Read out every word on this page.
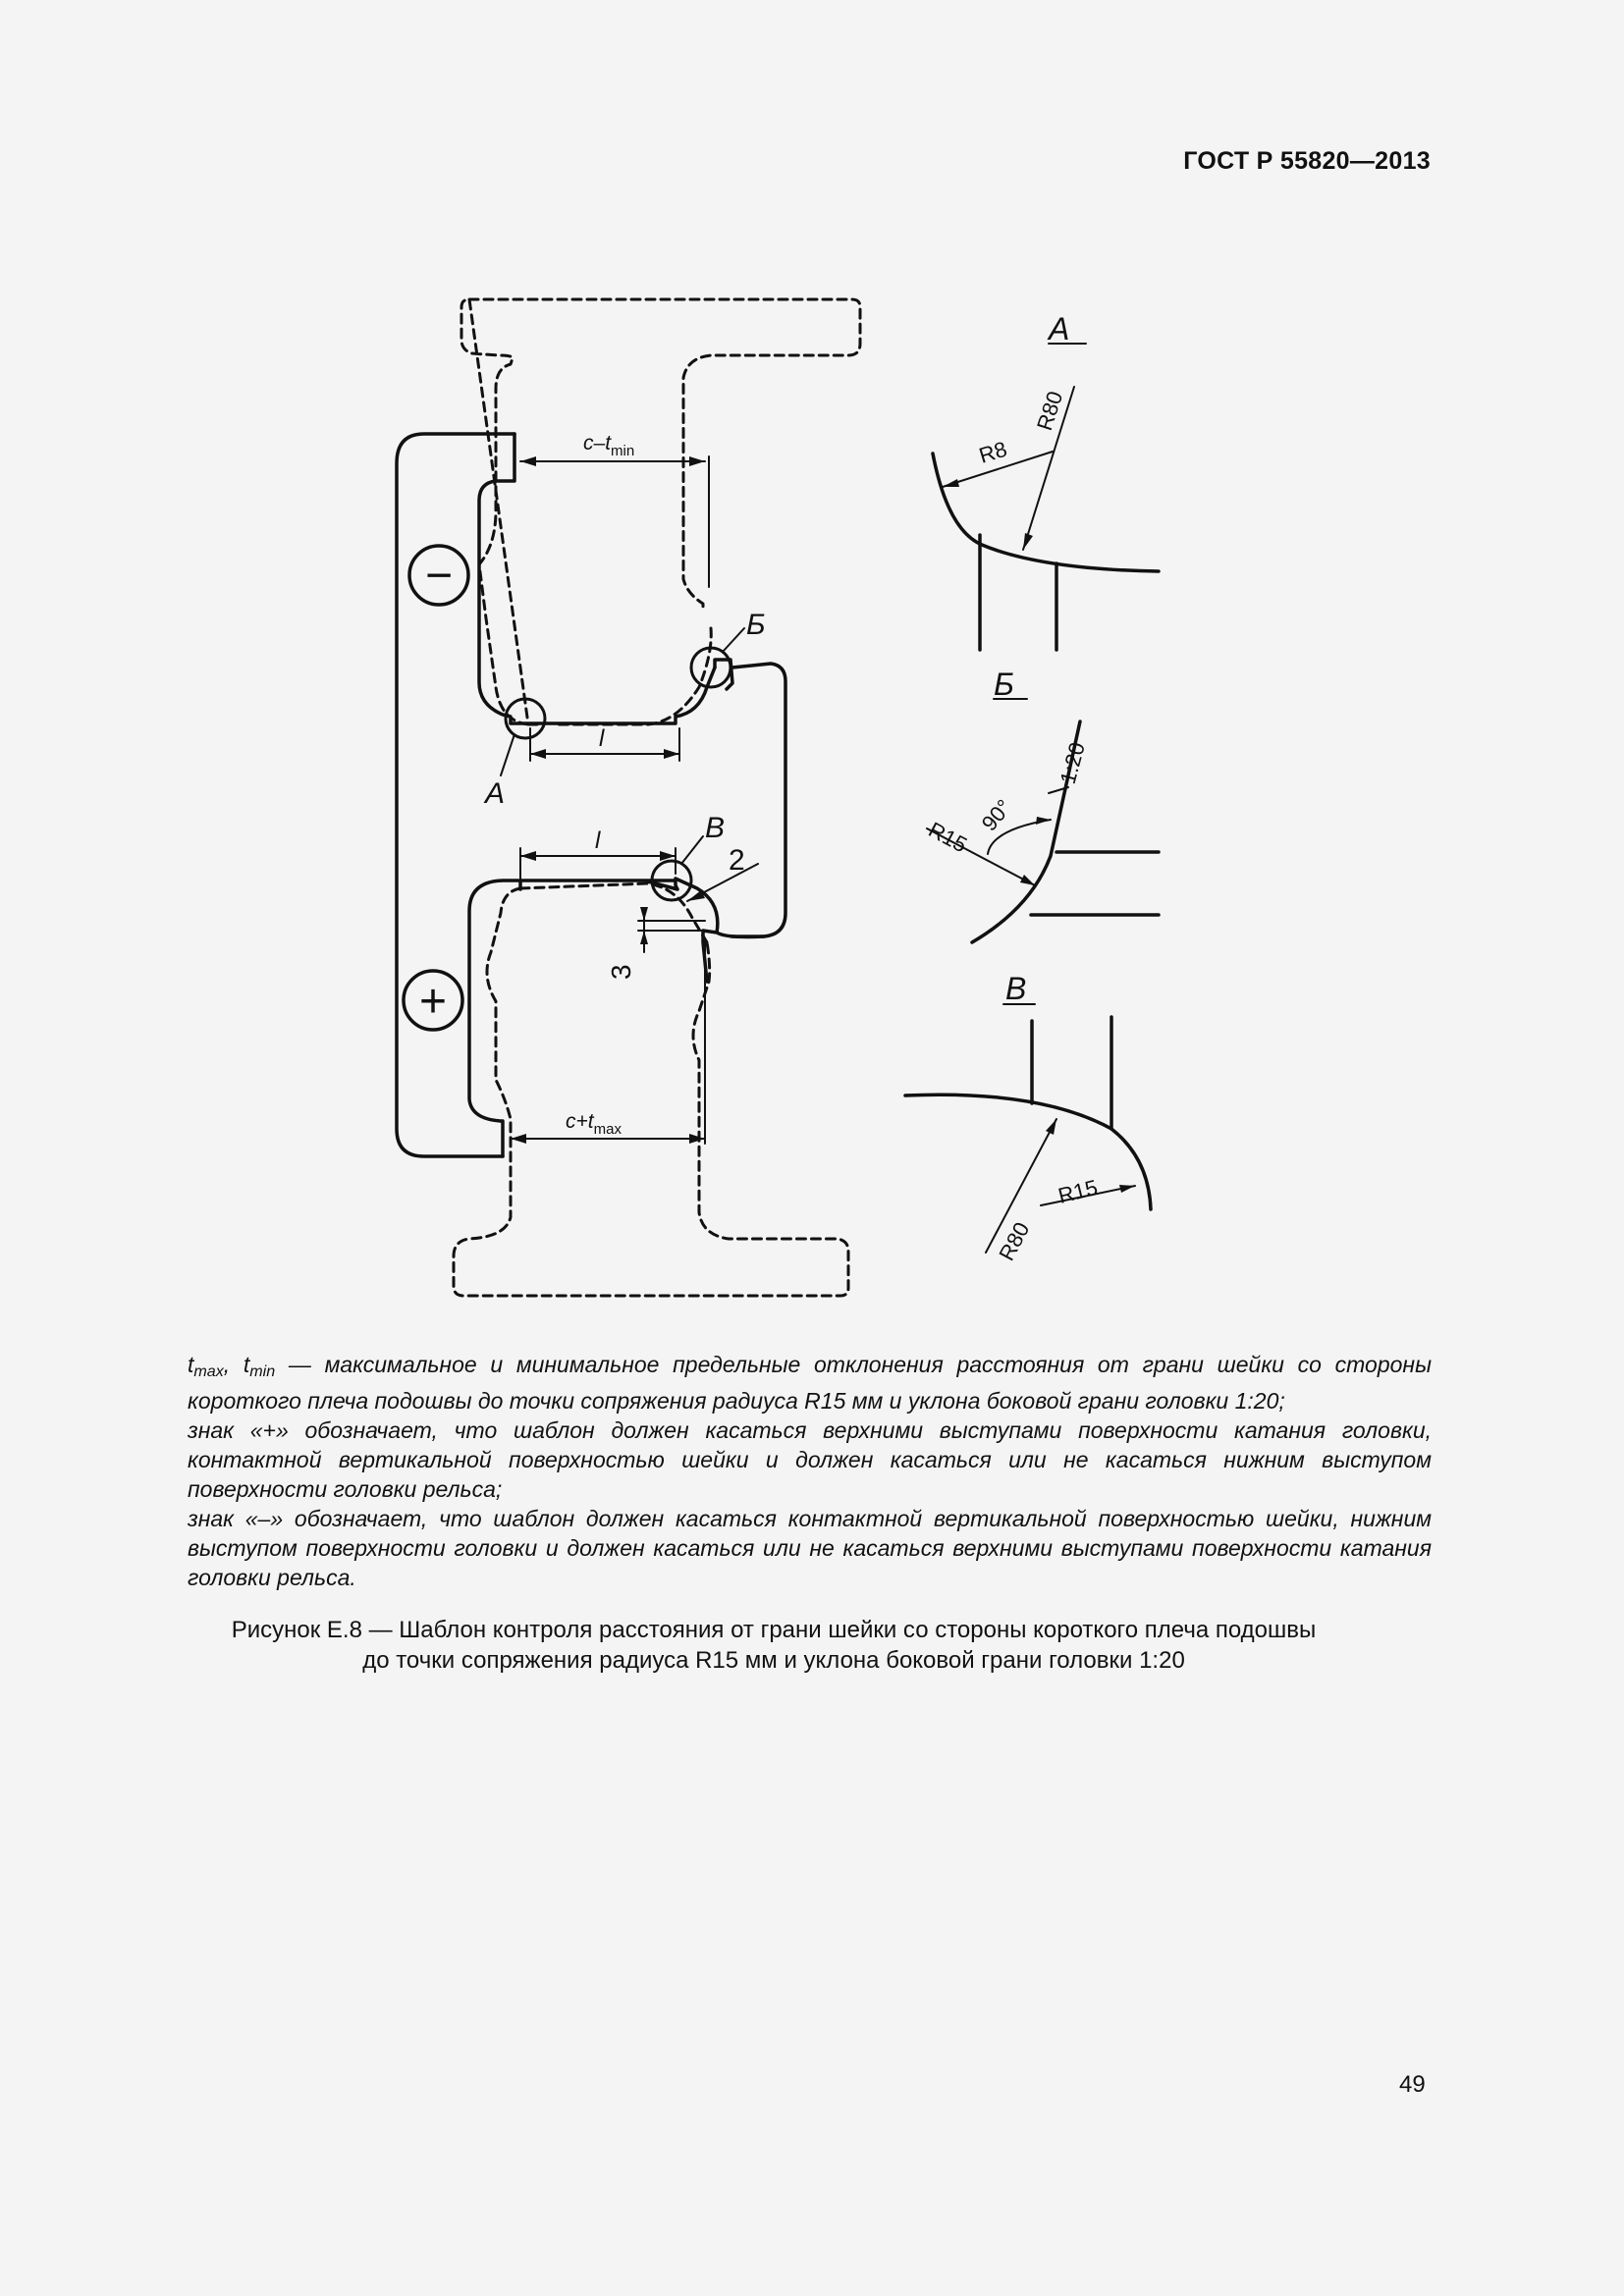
ГОСТ Р 55820—2013
$c-t_{min}$
$c+t_{max}$
l
l
−
+
А
Б
В
2
3
А
R8
R80
Б
R15
90°
1:20
В
R15
R80
$t_{max}$, $t_{min}$ — максимальное и минимальное предельные отклонения расстояния от грани шейки со стороны короткого плеча подошвы до точки сопряжения радиуса R15 мм и уклона боковой грани головки 1:20;
знак «+» обозначает, что шаблон должен касаться верхними выступами поверхности катания головки, контактной вертикальной поверхностью шейки и должен касаться или не касаться нижним выступом поверхности головки рельса;
знак «–» обозначает, что шаблон должен касаться контактной вертикальной поверхностью шейки, нижним выступом поверхности головки и должен касаться или не касаться верхними выступами поверхности катания головки рельса.
Рисунок Е.8 — Шаблон контроля расстояния от грани шейки со стороны короткого плеча подошвы
до точки сопряжения радиуса R15 мм и уклона боковой грани головки 1:20
49
